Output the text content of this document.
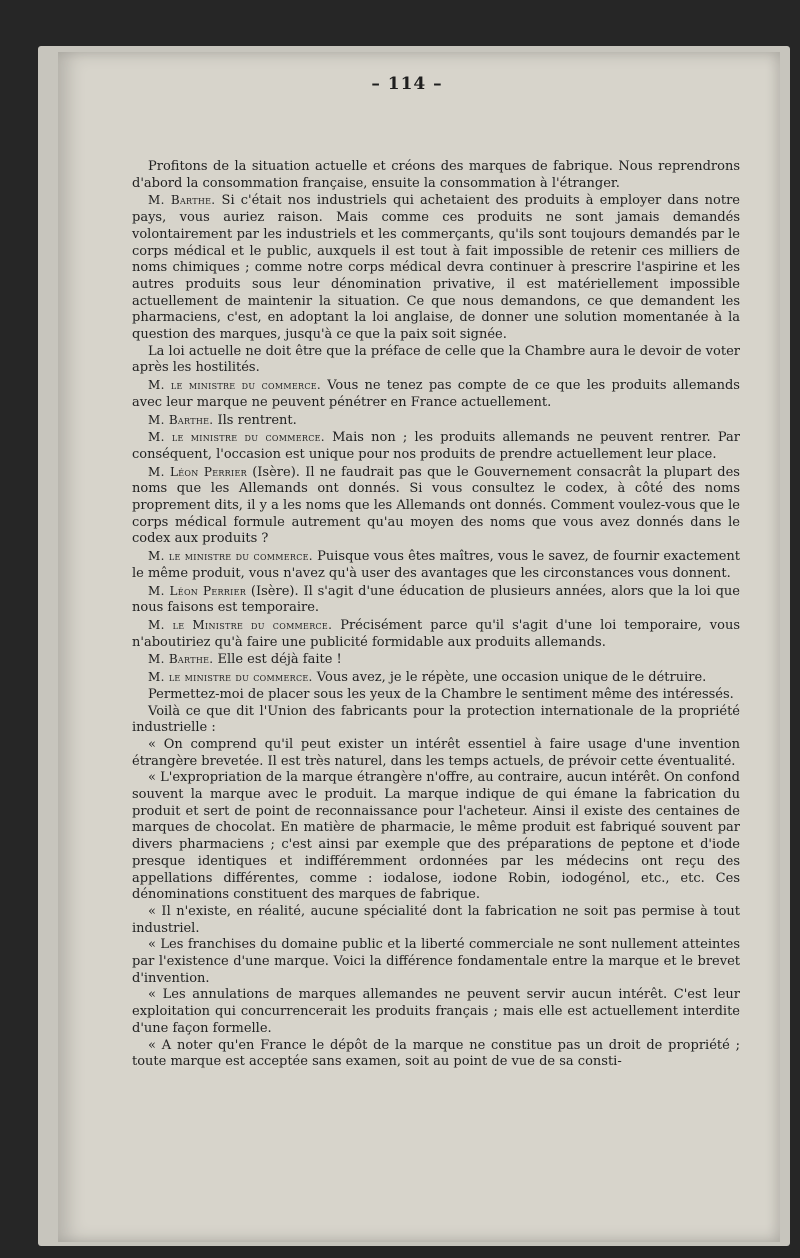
– 114 –

Profitons de la situation actuelle et créons des marques de fabrique. Nous reprendrons d'abord la consommation française, ensuite la consommation à l'étranger.

M. Barthe. Si c'était nos industriels qui achetaient des produits à employer dans notre pays, vous auriez raison. Mais comme ces produits ne sont jamais demandés volontairement par les industriels et les commerçants, qu'ils sont toujours demandés par le corps médical et le public, auxquels il est tout à fait impossible de retenir ces milliers de noms chimiques ; comme notre corps médical devra continuer à prescrire l'aspirine et les autres produits sous leur dénomination privative, il est matériellement impossible actuellement de maintenir la situation. Ce que nous demandons, ce que demandent les pharmaciens, c'est, en adoptant la loi anglaise, de donner une solution momentanée à la question des marques, jusqu'à ce que la paix soit signée.

La loi actuelle ne doit être que la préface de celle que la Chambre aura le devoir de voter après les hostilités.

M. le ministre du commerce. Vous ne tenez pas compte de ce que les produits allemands avec leur marque ne peuvent pénétrer en France actuellement.

M. Barthe. Ils rentrent.

M. le ministre du commerce. Mais non ; les produits allemands ne peuvent rentrer. Par conséquent, l'occasion est unique pour nos produits de prendre actuellement leur place.

M. Léon Perrier (Isère). Il ne faudrait pas que le Gouvernement consacrât la plupart des noms que les Allemands ont donnés. Si vous consultez le codex, à côté des noms proprement dits, il y a les noms que les Allemands ont donnés. Comment voulez-vous que le corps médical formule autrement qu'au moyen des noms que vous avez donnés dans le codex aux produits ?

M. le ministre du commerce. Puisque vous êtes maîtres, vous le savez, de fournir exactement le même produit, vous n'avez qu'à user des avantages que les circonstances vous donnent.

M. Léon Perrier (Isère). Il s'agit d'une éducation de plusieurs années, alors que la loi que nous faisons est temporaire.

M. le Ministre du commerce. Précisément parce qu'il s'agit d'une loi temporaire, vous n'aboutiriez qu'à faire une publicité formidable aux produits allemands.

M. Barthe. Elle est déjà faite !

M. le ministre du commerce. Vous avez, je le répète, une occasion unique de le détruire.

Permettez-moi de placer sous les yeux de la Chambre le sentiment même des intéressés.

Voilà ce que dit l'Union des fabricants pour la protection internationale de la propriété industrielle :

« On comprend qu'il peut exister un intérêt essentiel à faire usage d'une invention étrangère brevetée. Il est très naturel, dans les temps actuels, de prévoir cette éventualité.

« L'expropriation de la marque étrangère n'offre, au contraire, aucun intérêt. On confond souvent la marque avec le produit. La marque indique de qui émane la fabrication du produit et sert de point de reconnaissance pour l'acheteur. Ainsi il existe des centaines de marques de chocolat. En matière de pharmacie, le même produit est fabriqué souvent par divers pharmaciens ; c'est ainsi par exemple que des préparations de peptone et d'iode presque identiques et indifféremment ordonnées par les médecins ont reçu des appellations différentes, comme : iodalose, iodone Robin, iodogénol, etc., etc. Ces dénominations constituent des marques de fabrique.

« Il n'existe, en réalité, aucune spécialité dont la fabrication ne soit pas permise à tout industriel.

« Les franchises du domaine public et la liberté commerciale ne sont nullement atteintes par l'existence d'une marque. Voici la différence fondamentale entre la marque et le brevet d'invention.

« Les annulations de marques allemandes ne peuvent servir aucun intérêt. C'est leur exploitation qui concurrencerait les produits français ; mais elle est actuellement interdite d'une façon formelle.

« A noter qu'en France le dépôt de la marque ne constitue pas un droit de propriété ; toute marque est acceptée sans examen, soit au point de vue de sa consti-
